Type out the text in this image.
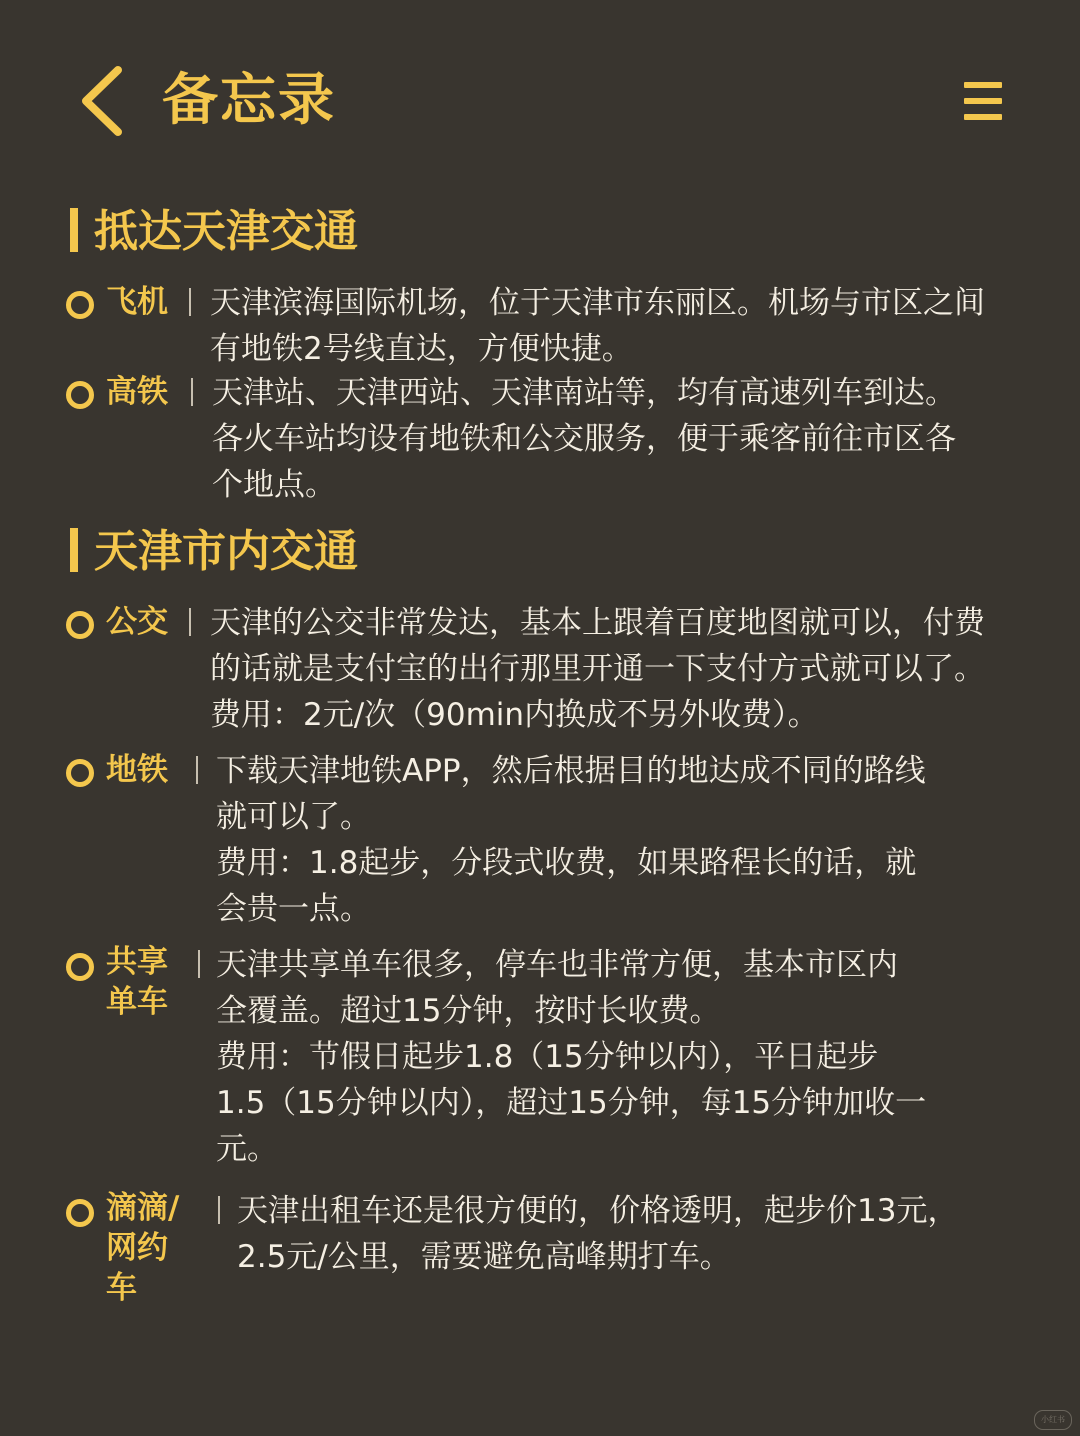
备忘录
抵达天津交通
飞机 天津滨海国际机场，位于天津市东丽区。机场与市区之间
有地铁2号线直达，方便快捷。
高铁 天津站、天津西站、天津南站等，均有高速列车到达。
各火车站均设有地铁和公交服务，便于乘客前往市区各
个地点。
天津市内交通
公交 天津的公交非常发达，基本上跟着百度地图就可以，付费
的话就是支付宝的出行那里开通一下支付方式就可以了。
费用：2元/次（90min内换成不另外收费）。
地铁 下载天津地铁APP，然后根据目的地达成不同的路线
就可以了。
费用：1.8起步，分段式收费，如果路程长的话，就
会贵一点。
共享
单车
天津共享单车很多，停车也非常方便，基本市区内
全覆盖。超过15分钟，按时长收费。
费用：节假日起步1.8（15分钟以内），平日起步
1.5（15分钟以内），超过15分钟，每15分钟加收一
元。
滴滴/
网约
车
天津出租车还是很方便的，价格透明，起步价13元，
2.5元/公里，需要避免高峰期打车。
小红书
